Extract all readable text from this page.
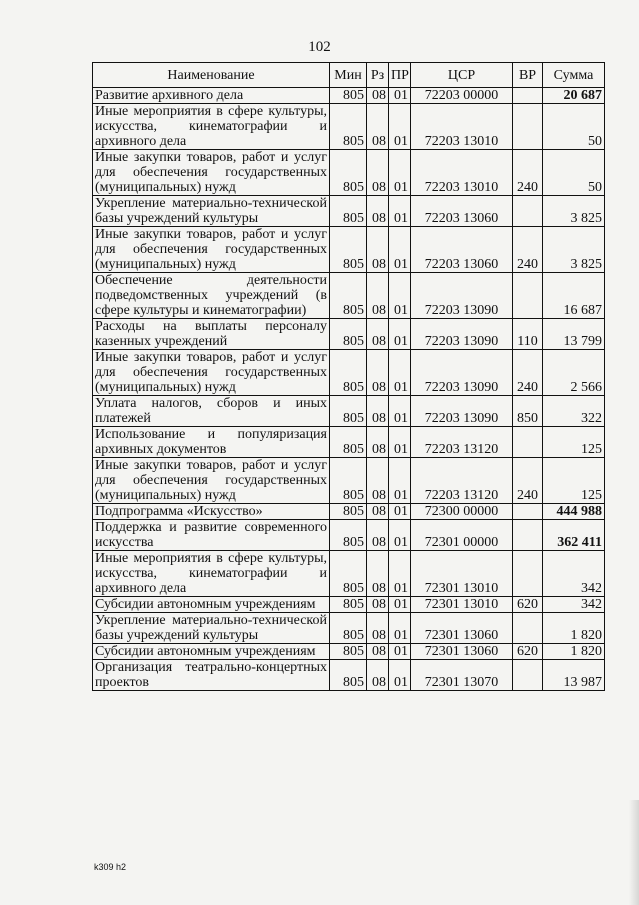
102
Наименование	Мин	Рз	ПР	ЦСР	ВР	Сумма
Развитие архивного дела	805	08	01	72203 00000		20 687
Иные мероприятия в сфере культуры, искусства, кинематографии и архивного дела	805	08	01	72203 13010		50
Иные закупки товаров, работ и услуг для обеспечения государственных (муниципальных) нужд	805	08	01	72203 13010	240	50
Укрепление материально-технической базы учреждений культуры	805	08	01	72203 13060		3 825
Иные закупки товаров, работ и услуг для обеспечения государственных (муниципальных) нужд	805	08	01	72203 13060	240	3 825
Обеспечение деятельности подведомственных учреждений (в сфере культуры и кинематографии)	805	08	01	72203 13090		16 687
Расходы на выплаты персоналу казенных учреждений	805	08	01	72203 13090	110	13 799
Иные закупки товаров, работ и услуг для обеспечения государственных (муниципальных) нужд	805	08	01	72203 13090	240	2 566
Уплата налогов, сборов и иных платежей	805	08	01	72203 13090	850	322
Использование и популяризация архивных документов	805	08	01	72203 13120		125
Иные закупки товаров, работ и услуг для обеспечения государственных (муниципальных) нужд	805	08	01	72203 13120	240	125
Подпрограмма «Искусство»	805	08	01	72300 00000		444 988
Поддержка и развитие современного искусства	805	08	01	72301 00000		362 411
Иные мероприятия в сфере культуры, искусства, кинематографии и архивного дела	805	08	01	72301 13010		342
Субсидии автономным учреждениям	805	08	01	72301 13010	620	342
Укрепление материально-технической базы учреждений культуры	805	08	01	72301 13060		1 820
Субсидии автономным учреждениям	805	08	01	72301 13060	620	1 820
Организация театрально-концертных проектов	805	08	01	72301 13070		13 987
k309 h2
